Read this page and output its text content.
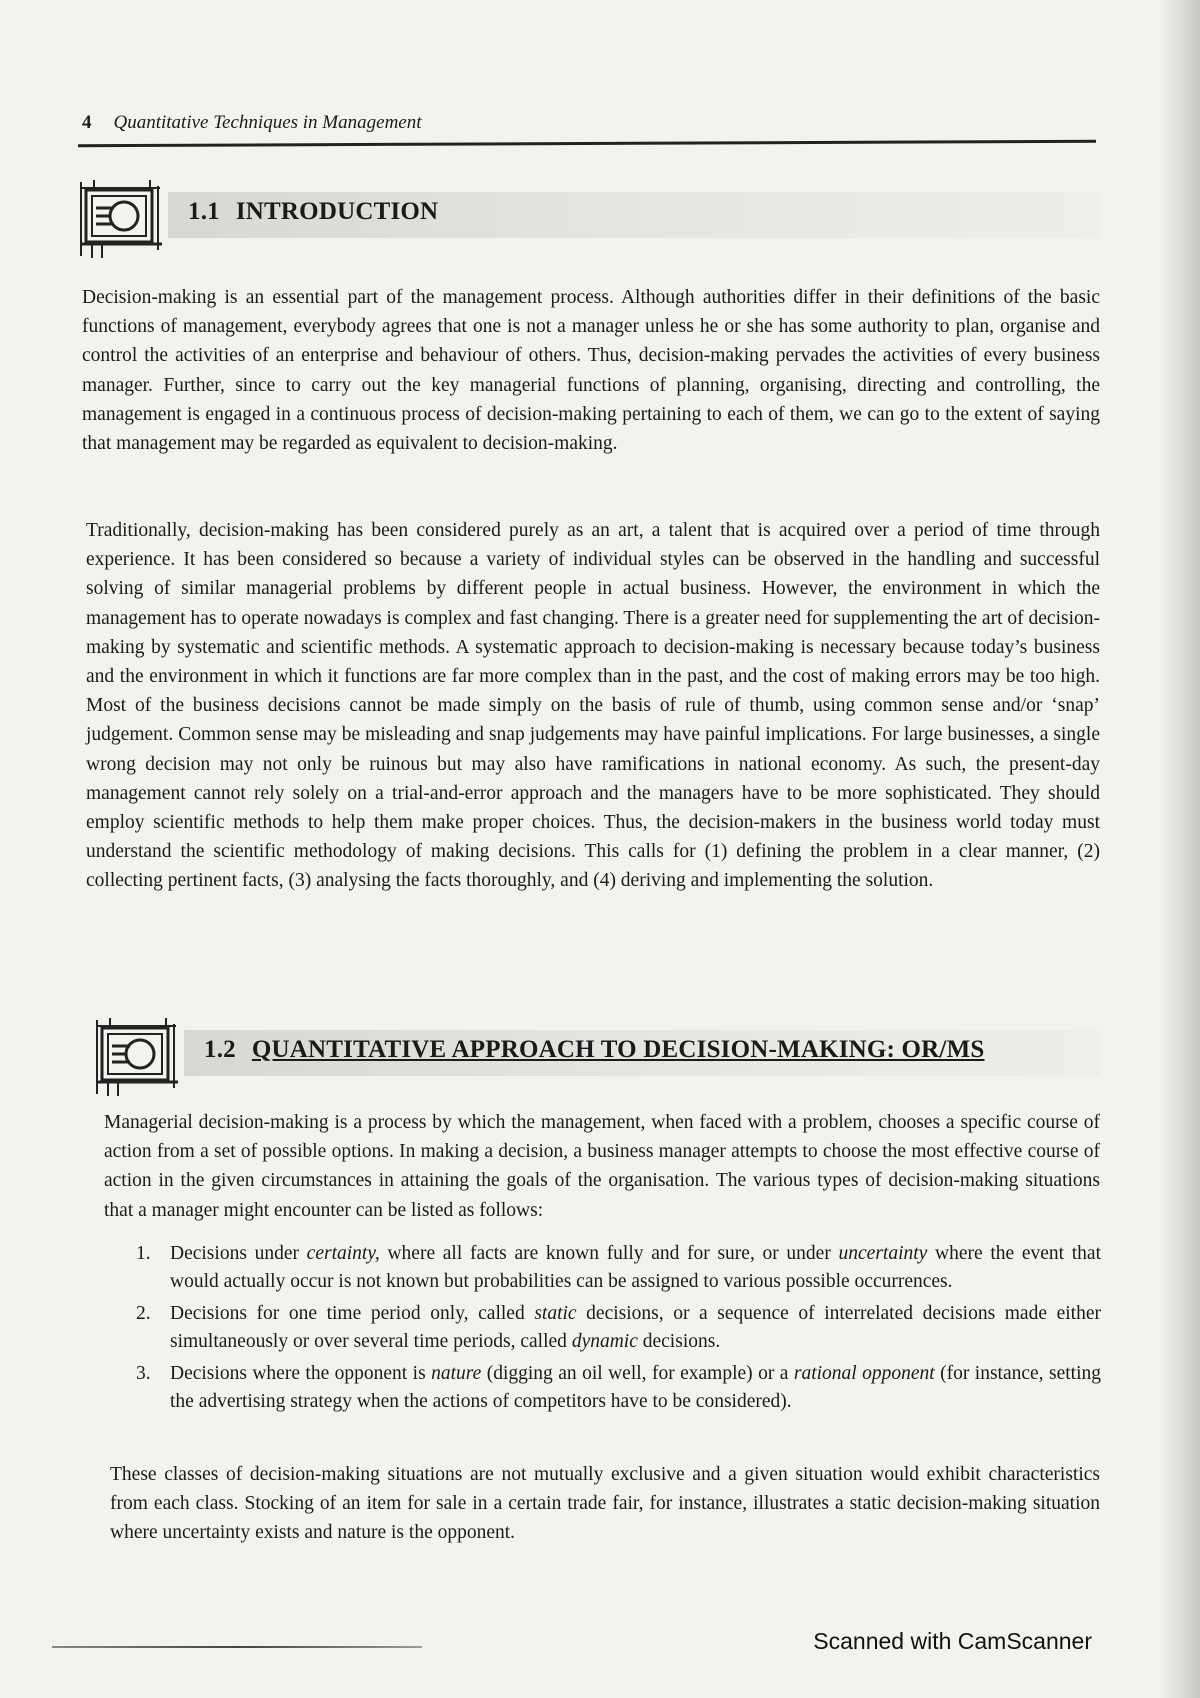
4 Quantitative Techniques in Management
1.1 INTRODUCTION

Decision-making is an essential part of the management process. Although authorities differ in their definitions of the basic functions of management, everybody agrees that one is not a manager unless he or she has some authority to plan, organise and control the activities of an enterprise and behaviour of others. Thus, decision-making pervades the activities of every business manager. Further, since to carry out the key managerial functions of planning, organising, directing and controlling, the management is engaged in a continuous process of decision-making pertaining to each of them, we can go to the extent of saying that management may be regarded as equivalent to decision-making.

Traditionally, decision-making has been considered purely as an art, a talent that is acquired over a period of time through experience. It has been considered so because a variety of individual styles can be observed in the handling and successful solving of similar managerial problems by different people in actual business. However, the environment in which the management has to operate nowadays is complex and fast changing. There is a greater need for supplementing the art of decision-making by systematic and scientific methods. A systematic approach to decision-making is necessary because today’s business and the environment in which it functions are far more complex than in the past, and the cost of making errors may be too high. Most of the business decisions cannot be made simply on the basis of rule of thumb, using common sense and/or ‘snap’ judgement. Common sense may be misleading and snap judgements may have painful implications. For large businesses, a single wrong decision may not only be ruinous but may also have ramifications in national economy. As such, the present-day management cannot rely solely on a trial-and-error approach and the managers have to be more sophisticated. They should employ scientific methods to help them make proper choices. Thus, the decision-makers in the business world today must understand the scientific methodology of making decisions. This calls for (1) defining the problem in a clear manner, (2) collecting pertinent facts, (3) analysing the facts thoroughly, and (4) deriving and implementing the solution.

1.2 QUANTITATIVE APPROACH TO DECISION-MAKING: OR/MS

Managerial decision-making is a process by which the management, when faced with a problem, chooses a specific course of action from a set of possible options. In making a decision, a business manager attempts to choose the most effective course of action in the given circumstances in attaining the goals of the organisation. The various types of decision-making situations that a manager might encounter can be listed as follows:

1. Decisions under certainty, where all facts are known fully and for sure, or under uncertainty where the event that would actually occur is not known but probabilities can be assigned to various possible occurrences.
2. Decisions for one time period only, called static decisions, or a sequence of interrelated decisions made either simultaneously or over several time periods, called dynamic decisions.
3. Decisions where the opponent is nature (digging an oil well, for example) or a rational opponent (for instance, setting the advertising strategy when the actions of competitors have to be considered).

These classes of decision-making situations are not mutually exclusive and a given situation would exhibit characteristics from each class. Stocking of an item for sale in a certain trade fair, for instance, illustrates a static decision-making situation where uncertainty exists and nature is the opponent.

Scanned with CamScanner
